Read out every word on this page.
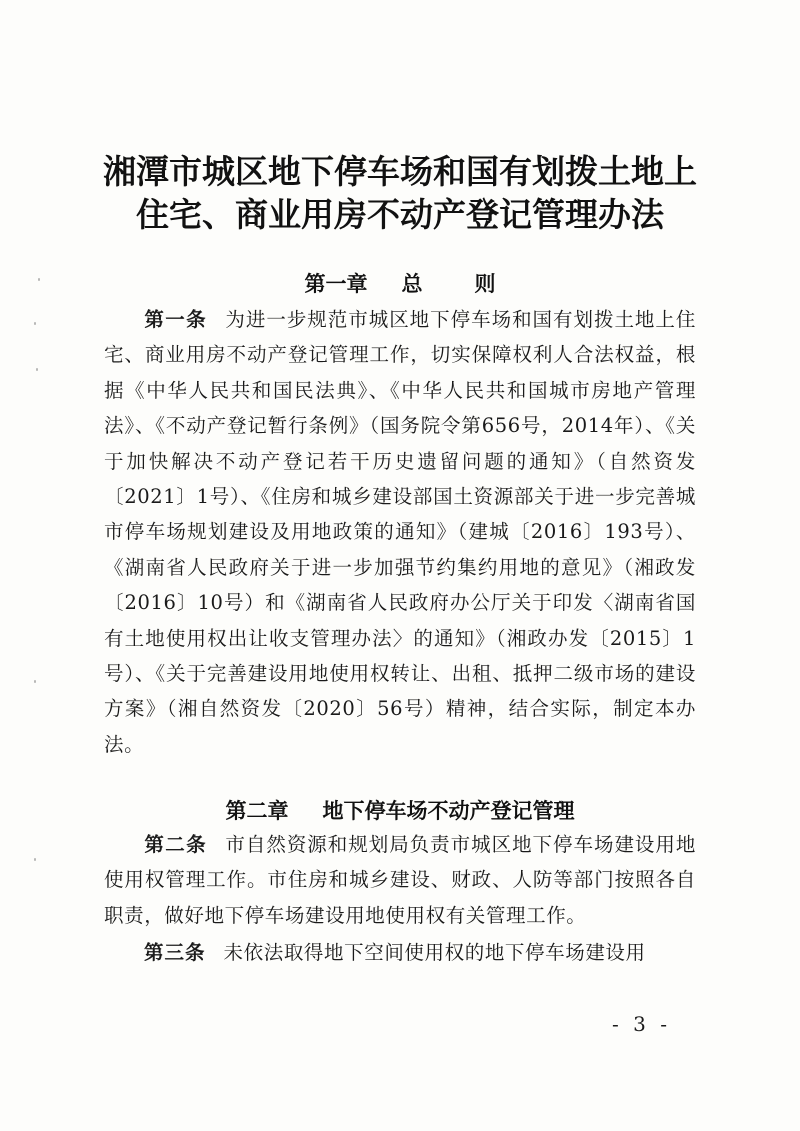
湘潭市城区地下停车场和国有划拨土地上
住宅、商业用房不动产登记管理办法
第一章 总 则
第一条 为进一步规范市城区地下停车场和国有划拨土地上住宅、商业用房不动产登记管理工作，切实保障权利人合法权益，根据《中华人民共和国民法典》、《中华人民共和国城市房地产管理法》、《不动产登记暂行条例》（国务院令第656号，2014年）、《关于加快解决不动产登记若干历史遗留问题的通知》（自然资发〔2021〕1号）、《住房和城乡建设部国土资源部关于进一步完善城市停车场规划建设及用地政策的通知》（建城〔2016〕193号）、《湖南省人民政府关于进一步加强节约集约用地的意见》（湘政发〔2016〕10号）和《湖南省人民政府办公厅关于印发〈湖南省国有土地使用权出让收支管理办法〉的通知》（湘政办发〔2015〕1号）、《关于完善建设用地使用权转让、出租、抵押二级市场的建设方案》（湘自然资发〔2020〕56号）精神，结合实际，制定本办法。
第二章 地下停车场不动产登记管理
第二条 市自然资源和规划局负责市城区地下停车场建设用地使用权管理工作。市住房和城乡建设、财政、人防等部门按照各自职责，做好地下停车场建设用地使用权有关管理工作。
第三条 未依法取得地下空间使用权的地下停车场建设用
- 3 -
